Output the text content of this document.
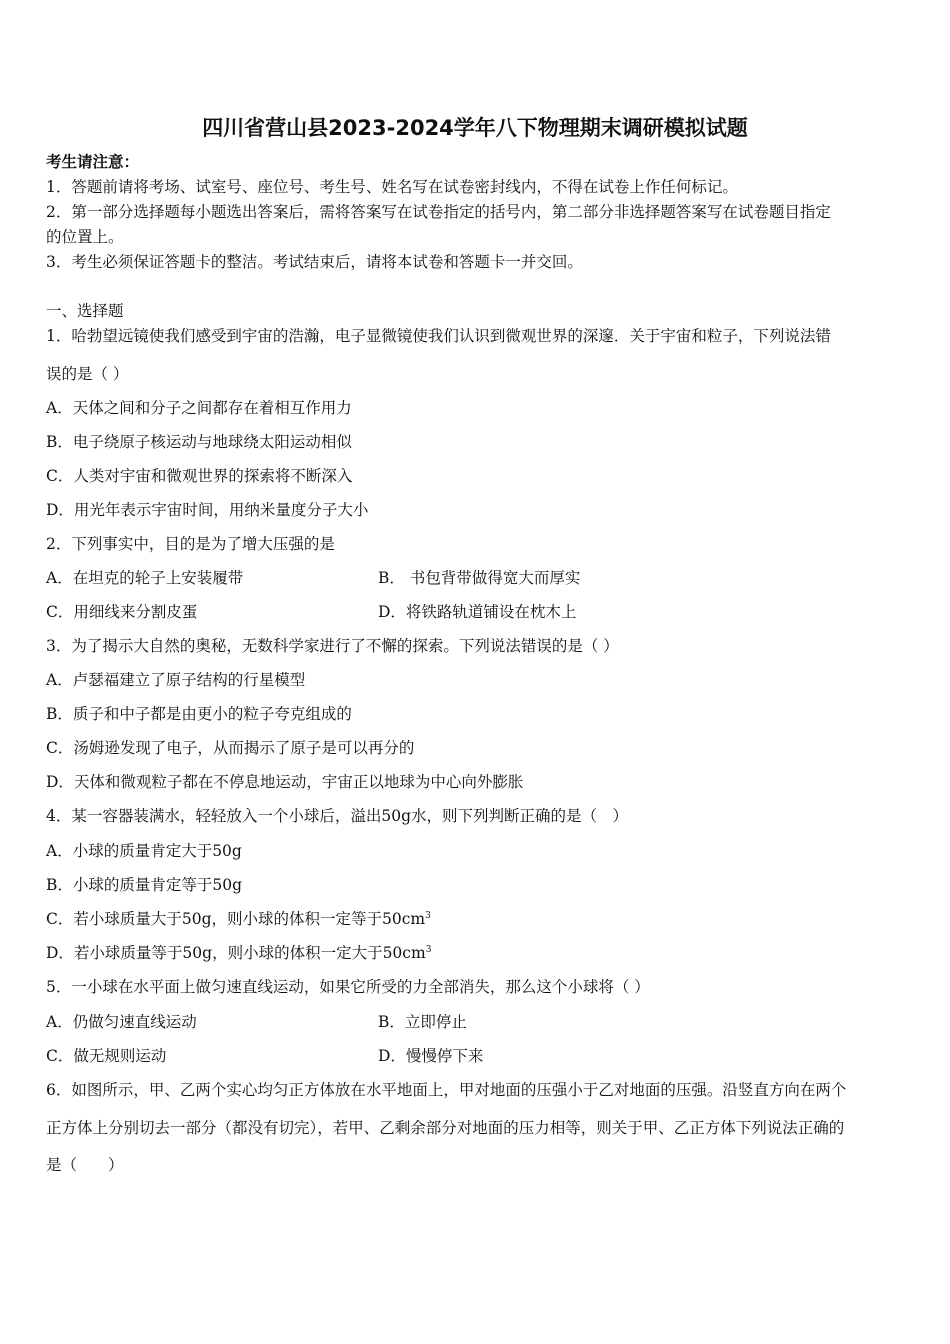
四川省营山县2023-2024学年八下物理期末调研模拟试题
考生请注意：
1．答题前请将考场、试室号、座位号、考生号、姓名写在试卷密封线内，不得在试卷上作任何标记。
2．第一部分选择题每小题选出答案后，需将答案写在试卷指定的括号内，第二部分非选择题答案写在试卷题目指定
的位置上。
3．考生必须保证答题卡的整洁。考试结束后，请将本试卷和答题卡一并交回。
一、选择题
1．哈勃望远镜使我们感受到宇宙的浩瀚，电子显微镜使我们认识到微观世界的深邃．关于宇宙和粒子，下列说法错
误的是（ ）
A．天体之间和分子之间都存在着相互作用力
B．电子绕原子核运动与地球绕太阳运动相似
C．人类对宇宙和微观世界的探索将不断深入
D．用光年表示宇宙时间，用纳米量度分子大小
2．下列事实中，目的是为了增大压强的是
A．在坦克的轮子上安装履带	B． 书包背带做得宽大而厚实
C．用细线来分割皮蛋	D．将铁路轨道铺设在枕木上
3．为了揭示大自然的奥秘，无数科学家进行了不懈的探索。下列说法错误的是（ ）
A．卢瑟福建立了原子结构的行星模型
B．质子和中子都是由更小的粒子夸克组成的
C．汤姆逊发现了电子，从而揭示了原子是可以再分的
D．天体和微观粒子都在不停息地运动，宇宙正以地球为中心向外膨胀
4．某一容器装满水，轻轻放入一个小球后，溢出50g水，则下列判断正确的是（　）
A．小球的质量肯定大于50g
B．小球的质量肯定等于50g
C．若小球质量大于50g，则小球的体积一定等于$50cm^3$
D．若小球质量等于50g，则小球的体积一定大于$50cm^3$
5．一小球在水平面上做匀速直线运动，如果它所受的力全部消失，那么这个小球将（ ）
A．仍做匀速直线运动	B．立即停止
C．做无规则运动	D．慢慢停下来
6．如图所示，甲、乙两个实心均匀正方体放在水平地面上，甲对地面的压强小于乙对地面的压强。沿竖直方向在两个
正方体上分别切去一部分（都没有切完），若甲、乙剩余部分对地面的压力相等，则关于甲、乙正方体下列说法正确的
是（　　）
